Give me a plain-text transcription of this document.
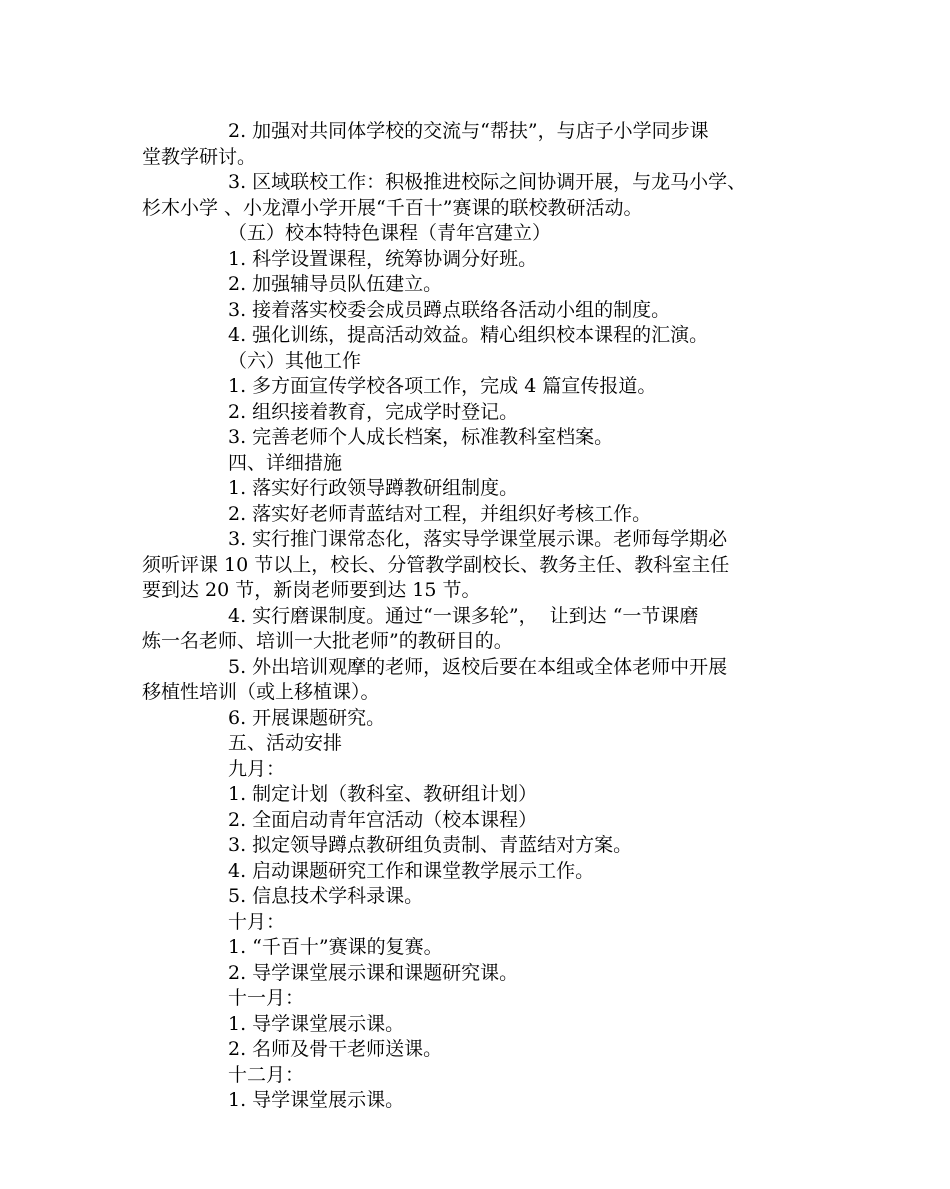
2. 加强对共同体学校的交流与“帮扶”，与店子小学同步课
堂教学研讨。
3. 区域联校工作：积极推进校际之间协调开展，与龙马小学、
杉木小学 、小龙潭小学开展“千百十”赛课的联校教研活动。
（五）校本特特色课程（青年宫建立）
1. 科学设置课程，统筹协调分好班。
2. 加强辅导员队伍建立。
3. 接着落实校委会成员蹲点联络各活动小组的制度。
4. 强化训练，提高活动效益。精心组织校本课程的汇演。
（六）其他工作
1. 多方面宣传学校各项工作，完成 4 篇宣传报道。
2. 组织接着教育，完成学时登记。
3. 完善老师个人成长档案，标准教科室档案。
四、详细措施
1. 落实好行政领导蹲教研组制度。
2. 落实好老师青蓝结对工程，并组织好考核工作。
3. 实行推门课常态化，落实导学课堂展示课。老师每学期必
须听评课 10 节以上，校长、分管教学副校长、教务主任、教科室主任
要到达 20 节，新岗老师要到达 15 节。
4. 实行磨课制度。通过“一课多轮”，  让到达 “一节课磨
炼一名老师、培训一大批老师”的教研目的。
5. 外出培训观摩的老师，返校后要在本组或全体老师中开展
移植性培训（或上移植课）。
6. 开展课题研究。
五、活动安排
九月：
1. 制定计划（教科室、教研组计划）
2. 全面启动青年宫活动（校本课程）
3. 拟定领导蹲点教研组负责制、青蓝结对方案。
4. 启动课题研究工作和课堂教学展示工作。
5. 信息技术学科录课。
十月：
1. “千百十”赛课的复赛。
2. 导学课堂展示课和课题研究课。
十一月：
1. 导学课堂展示课。
2. 名师及骨干老师送课。
十二月：
1. 导学课堂展示课。
